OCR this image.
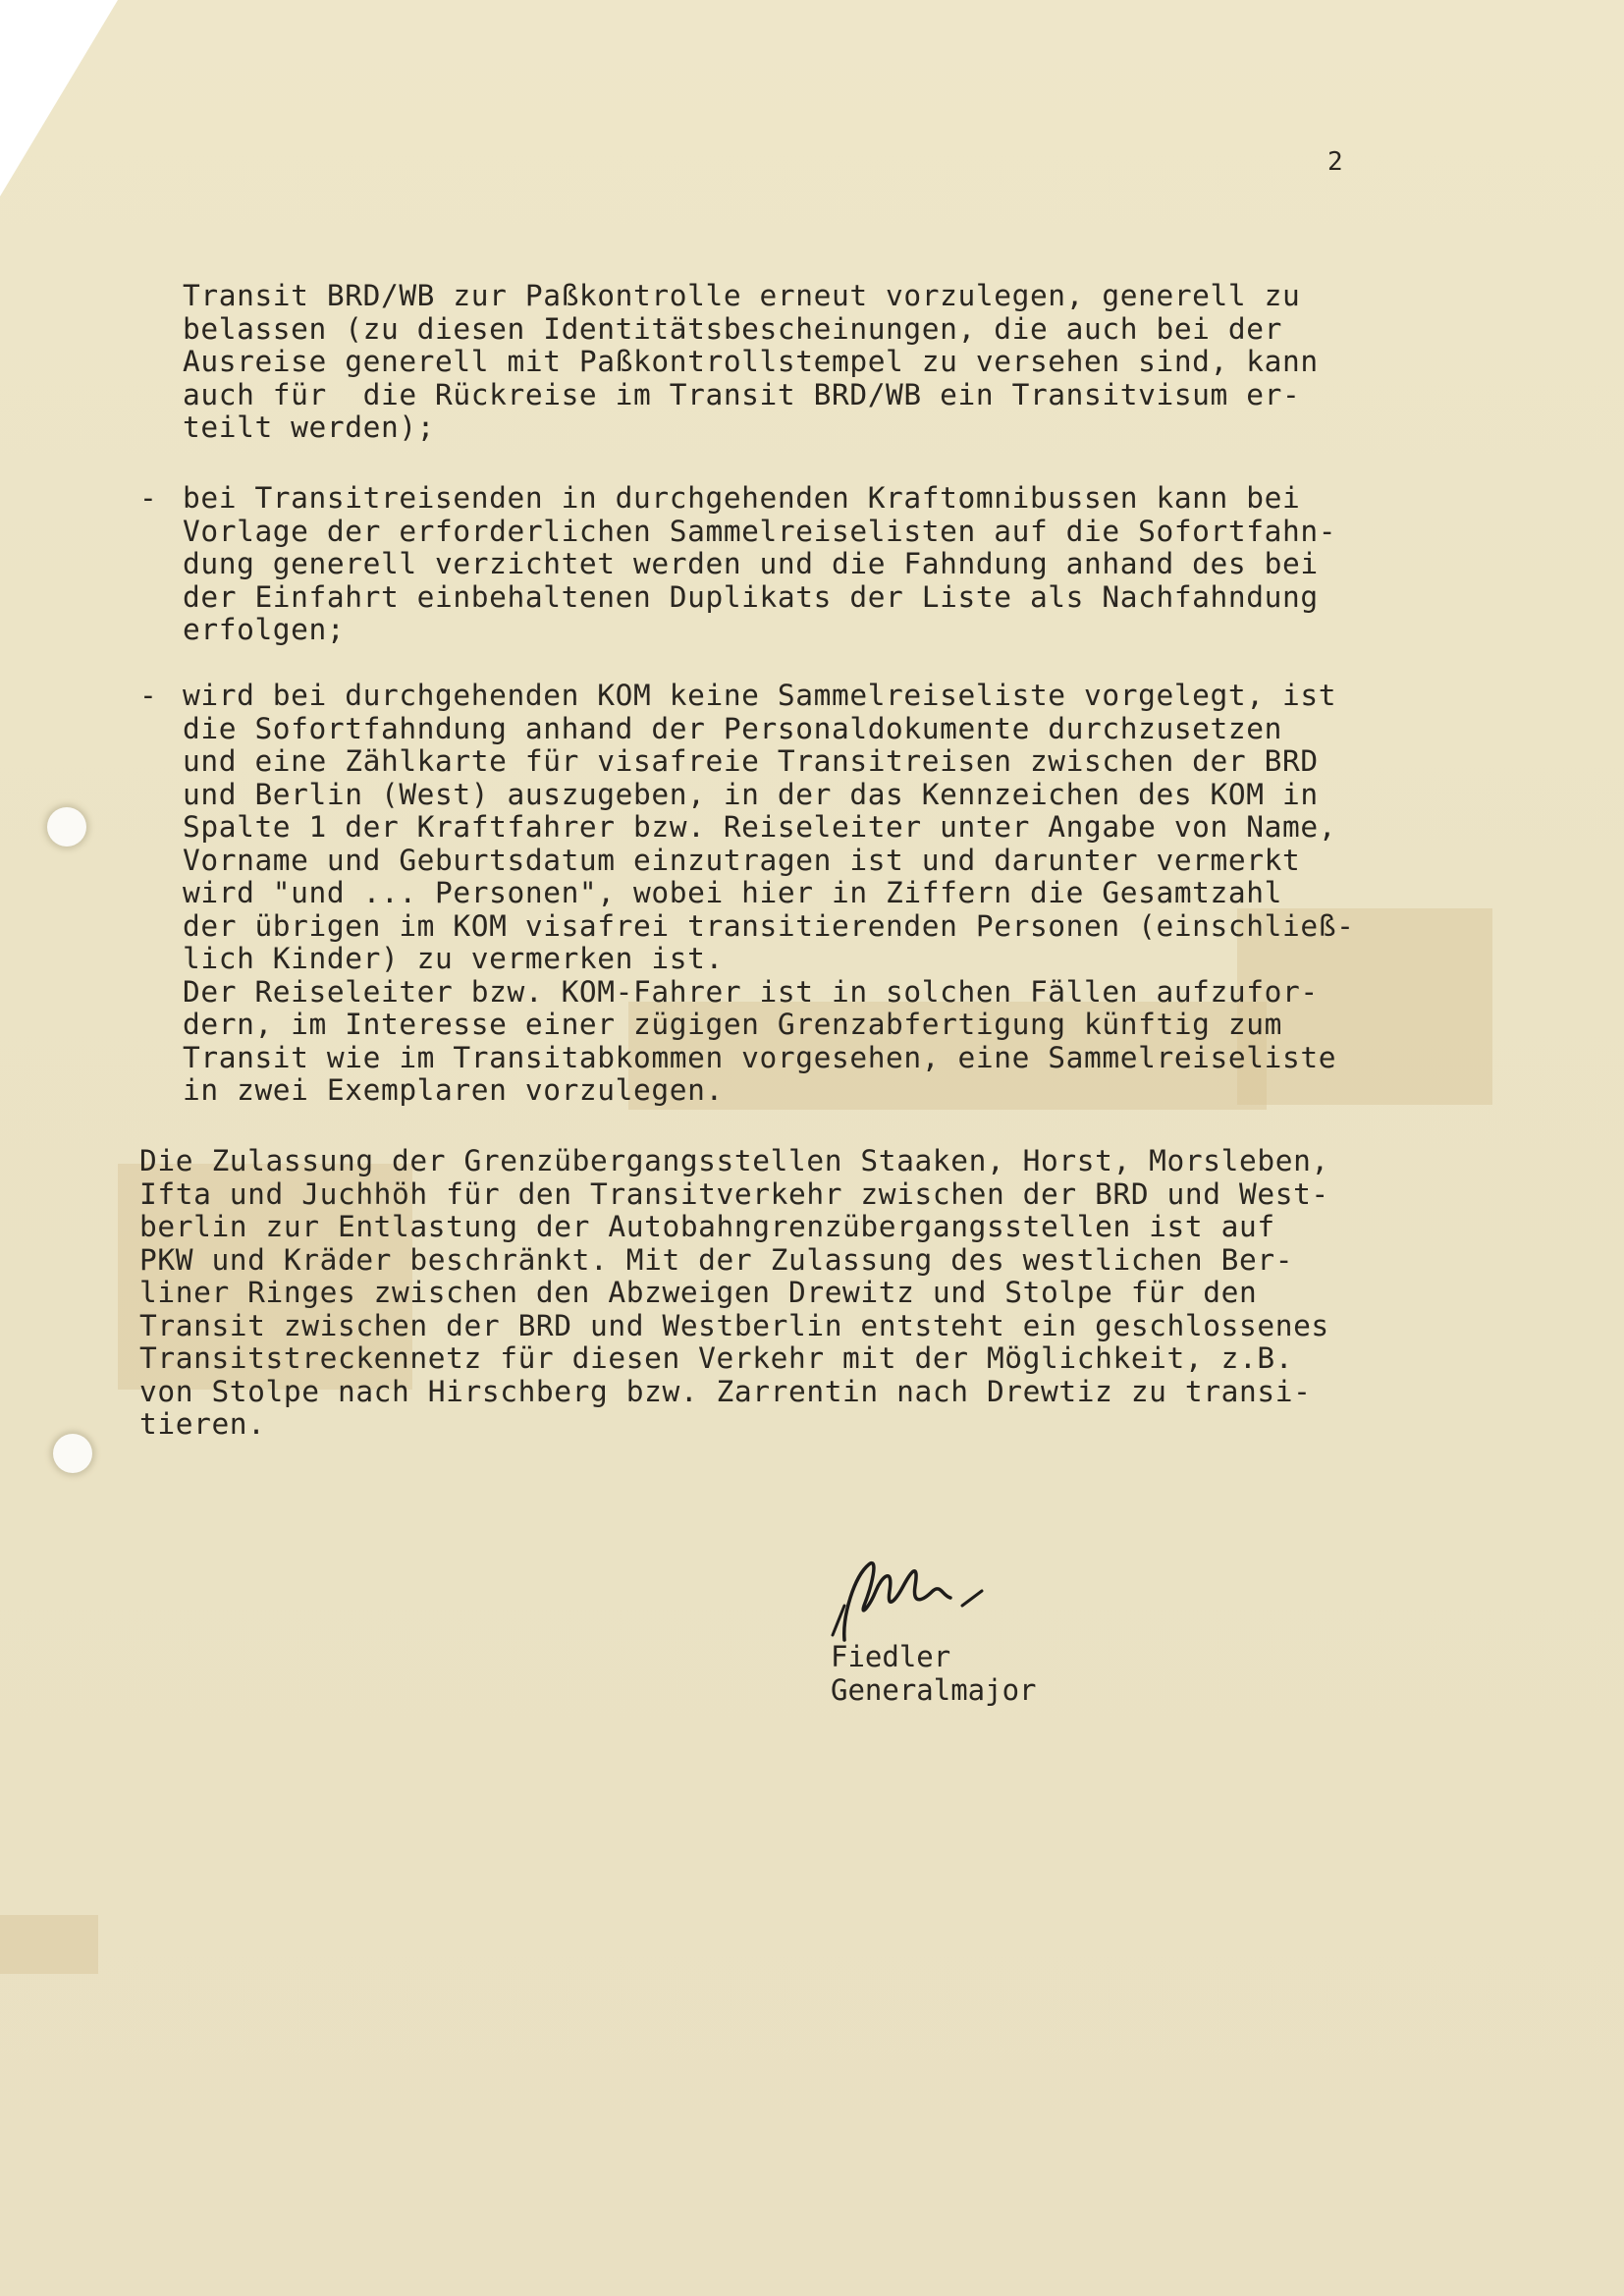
2
Transit BRD/WB zur Paßkontrolle erneut vorzulegen, generell zu
belassen (zu diesen Identitätsbescheinungen, die auch bei der
Ausreise generell mit Paßkontrollstempel zu versehen sind, kann
auch für  die Rückreise im Transit BRD/WB ein Transitvisum er-
teilt werden);
- bei Transitreisenden in durchgehenden Kraftomnibussen kann bei
Vorlage der erforderlichen Sammelreiselisten auf die Sofortfahn-
dung generell verzichtet werden und die Fahndung anhand des bei
der Einfahrt einbehaltenen Duplikats der Liste als Nachfahndung
erfolgen;
- wird bei durchgehenden KOM keine Sammelreiseliste vorgelegt, ist
die Sofortfahndung anhand der Personaldokumente durchzusetzen
und eine Zählkarte für visafreie Transitreisen zwischen der BRD
und Berlin (West) auszugeben, in der das Kennzeichen des KOM in
Spalte 1 der Kraftfahrer bzw. Reiseleiter unter Angabe von Name,
Vorname und Geburtsdatum einzutragen ist und darunter vermerkt
wird "und ... Personen", wobei hier in Ziffern die Gesamtzahl
der übrigen im KOM visafrei transitierenden Personen (einschließ-
lich Kinder) zu vermerken ist.
Der Reiseleiter bzw. KOM-Fahrer ist in solchen Fällen aufzufor-
dern, im Interesse einer zügigen Grenzabfertigung künftig zum
Transit wie im Transitabkommen vorgesehen, eine Sammelreiseliste
in zwei Exemplaren vorzulegen.
Die Zulassung der Grenzübergangsstellen Staaken, Horst, Morsleben,
Ifta und Juchhöh für den Transitverkehr zwischen der BRD und West-
berlin zur Entlastung der Autobahngrenzübergangsstellen ist auf
PKW und Kräder beschränkt. Mit der Zulassung des westlichen Ber-
liner Ringes zwischen den Abzweigen Drewitz und Stolpe für den
Transit zwischen der BRD und Westberlin entsteht ein geschlossenes
Transitstreckennetz für diesen Verkehr mit der Möglichkeit, z.B.
von Stolpe nach Hirschberg bzw. Zarrentin nach Drewtiz zu transi-
tieren.
Fiedler
Generalmajor
